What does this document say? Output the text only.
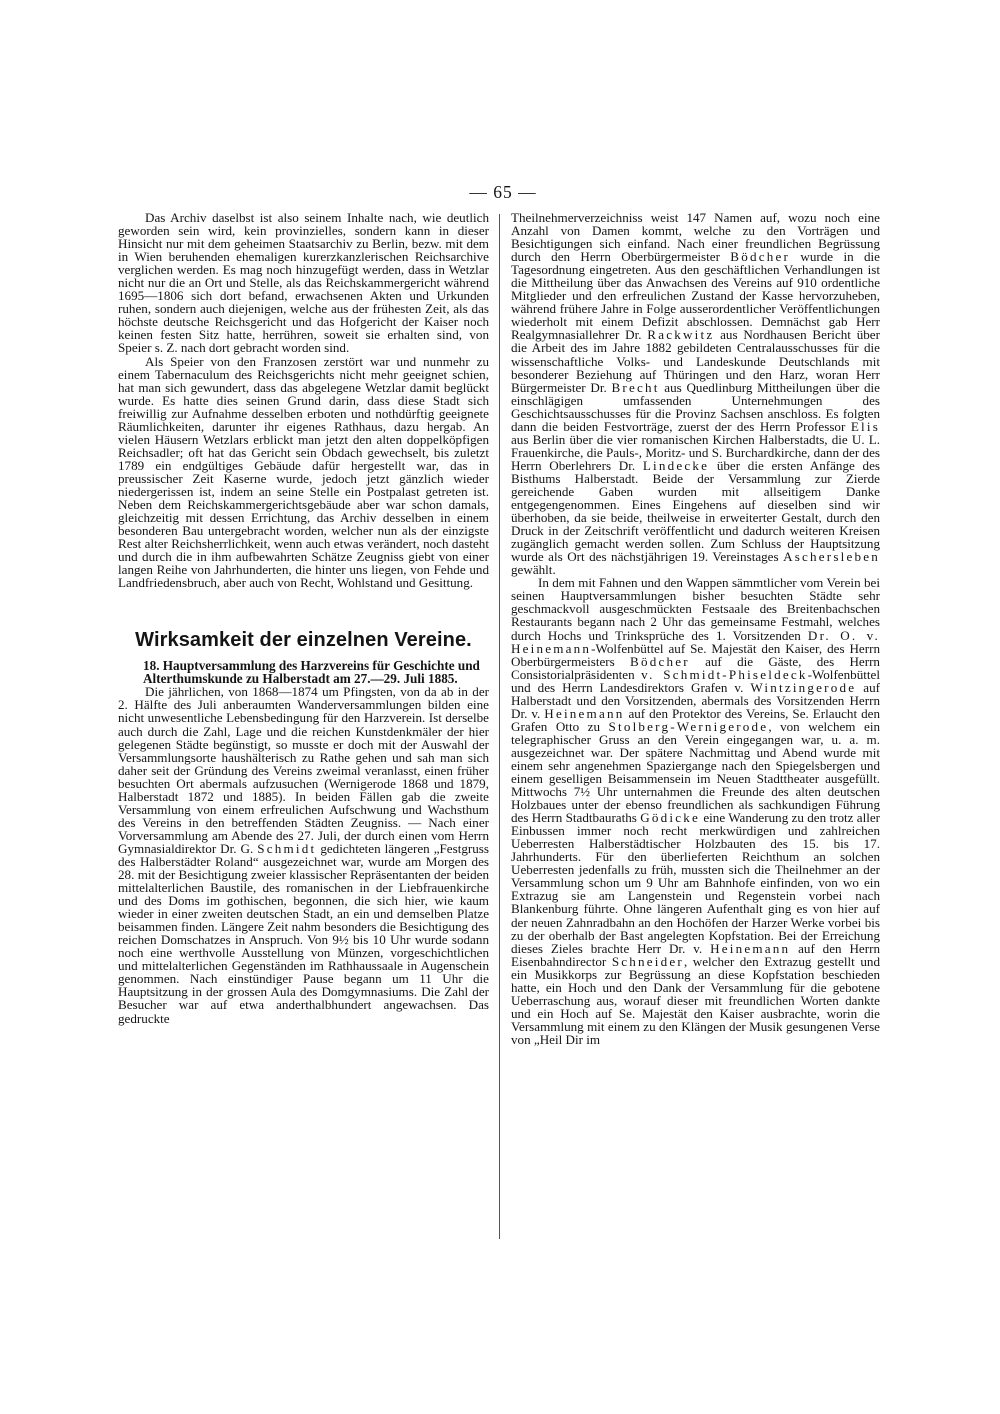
— 65 —

Das Archiv daselbst ist also seinem Inhalte nach, wie deutlich geworden sein wird, kein provinzielles, sondern kann in dieser Hinsicht nur mit dem geheimen Staatsarchiv zu Berlin, bezw. mit dem in Wien beruhenden ehemaligen kurerzkanzlerischen Reichsarchive verglichen werden. Es mag noch hinzugefügt werden, dass in Wetzlar nicht nur die an Ort und Stelle, als das Reichskammergericht während 1695—1806 sich dort befand, erwachsenen Akten und Urkunden ruhen, sondern auch diejenigen, welche aus der frühesten Zeit, als das höchste deutsche Reichsgericht und das Hofgericht der Kaiser noch keinen festen Sitz hatte, herrühren, soweit sie erhalten sind, von Speier s. Z. nach dort gebracht worden sind.

Als Speier von den Franzosen zerstört war und nunmehr zu einem Tabernaculum des Reichsgerichts nicht mehr geeignet schien, hat man sich gewundert, dass das abgelegene Wetzlar damit beglückt wurde. Es hatte dies seinen Grund darin, dass diese Stadt sich freiwillig zur Aufnahme desselben erboten und nothdürftig geeignete Räumlichkeiten, darunter ihr eigenes Rathhaus, dazu hergab. An vielen Häusern Wetzlars erblickt man jetzt den alten doppelköpfigen Reichsadler; oft hat das Gericht sein Obdach gewechselt, bis zuletzt 1789 ein endgültiges Gebäude dafür hergestellt war, das in preussischer Zeit Kaserne wurde, jedoch jetzt gänzlich wieder niedergerissen ist, indem an seine Stelle ein Postpalast getreten ist. Neben dem Reichskammergerichtsgebäude aber war schon damals, gleichzeitig mit dessen Errichtung, das Archiv desselben in einem besonderen Bau untergebracht worden, welcher nun als der einzigste Rest alter Reichsherrlichkeit, wenn auch etwas verändert, noch dasteht und durch die in ihm aufbewahrten Schätze Zeugniss giebt von einer langen Reihe von Jahrhunderten, die hinter uns liegen, von Fehde und Landfriedensbruch, aber auch von Recht, Wohlstand und Gesittung.

Wirksamkeit der einzelnen Vereine.

18. Hauptversammlung des Harzvereins für Geschichte und Alterthumskunde zu Halberstadt am 27.—29. Juli 1885.

Die jährlichen, von 1868—1874 um Pfingsten, von da ab in der 2. Hälfte des Juli anberaumten Wanderversammlungen bilden eine nicht unwesentliche Lebensbedingung für den Harzverein. Ist derselbe auch durch die Zahl, Lage und die reichen Kunstdenkmäler der hier gelegenen Städte begünstigt, so musste er doch mit der Auswahl der Versammlungsorte haushälterisch zu Rathe gehen und sah man sich daher seit der Gründung des Vereins zweimal veranlasst, einen früher besuchten Ort abermals aufzusuchen (Wernigerode 1868 und 1879, Halberstadt 1872 und 1885). In beiden Fällen gab die zweite Versammlung von einem erfreulichen Aufschwung und Wachsthum des Vereins in den betreffenden Städten Zeugniss. — Nach einer Vorversammlung am Abende des 27. Juli, der durch einen vom Herrn Gymnasialdirektor Dr. G. Schmidt gedichteten längeren „Festgruss des Halberstädter Roland“ ausgezeichnet war, wurde am Morgen des 28. mit der Besichtigung zweier klassischer Repräsentanten der beiden mittelalterlichen Baustile, des romanischen in der Liebfrauenkirche und des Doms im gothischen, begonnen, die sich hier, wie kaum wieder in einer zweiten deutschen Stadt, an ein und demselben Platze beisammen finden. Längere Zeit nahm besonders die Besichtigung des reichen Domschatzes in Anspruch. Von 9½ bis 10 Uhr wurde sodann noch eine werthvolle Ausstellung von Münzen, vorgeschichtlichen und mittelalterlichen Gegenständen im Rathhaussaale in Augenschein genommen. Nach einstündiger Pause begann um 11 Uhr die Hauptsitzung in der grossen Aula des Domgymnasiums. Die Zahl der Besucher war auf etwa anderthalbhundert angewachsen. Das gedruckte

Theilnehmerverzeichniss weist 147 Namen auf, wozu noch eine Anzahl von Damen kommt, welche zu den Vorträgen und Besichtigungen sich einfand. Nach einer freundlichen Begrüssung durch den Herrn Oberbürgermeister Bödcher wurde in die Tagesordnung eingetreten. Aus den geschäftlichen Verhandlungen ist die Mittheilung über das Anwachsen des Vereins auf 910 ordentliche Mitglieder und den erfreulichen Zustand der Kasse hervorzuheben, während frühere Jahre in Folge ausserordentlicher Veröffentlichungen wiederholt mit einem Defizit abschlossen. Demnächst gab Herr Realgymnasiallehrer Dr. Rackwitz aus Nordhausen Bericht über die Arbeit des im Jahre 1882 gebildeten Centralausschusses für die wissenschaftliche Volks- und Landeskunde Deutschlands mit besonderer Beziehung auf Thüringen und den Harz, woran Herr Bürgermeister Dr. Brecht aus Quedlinburg Mittheilungen über die einschlägigen umfassenden Unternehmungen des Geschichtsausschusses für die Provinz Sachsen anschloss. Es folgten dann die beiden Festvorträge, zuerst der des Herrn Professor Elis aus Berlin über die vier romanischen Kirchen Halberstadts, die U. L. Frauenkirche, die Pauls-, Moritz- und S. Burchardkirche, dann der des Herrn Oberlehrers Dr. Lindecke über die ersten Anfänge des Bisthums Halberstadt. Beide der Versammlung zur Zierde gereichende Gaben wurden mit allseitigem Danke entgegengenommen. Eines Eingehens auf dieselben sind wir überhoben, da sie beide, theilweise in erweiterter Gestalt, durch den Druck in der Zeitschrift veröffentlicht und dadurch weiteren Kreisen zugänglich gemacht werden sollen. Zum Schluss der Hauptsitzung wurde als Ort des nächstjährigen 19. Vereinstages Aschersleben gewählt.

In dem mit Fahnen und den Wappen sämmtlicher vom Verein bei seinen Hauptversammlungen bisher besuchten Städte sehr geschmackvoll ausgeschmückten Festsaale des Breitenbachschen Restaurants begann nach 2 Uhr das gemeinsame Festmahl, welches durch Hochs und Trinksprüche des 1. Vorsitzenden Dr. O. v. Heinemann-Wolfenbüttel auf Se. Majestät den Kaiser, des Herrn Oberbürgermeisters Bödcher auf die Gäste, des Herrn Consistorialpräsidenten v. Schmidt-Phiseldeck-Wolfenbüttel und des Herrn Landesdirektors Grafen v. Wintzingerode auf Halberstadt und den Vorsitzenden, abermals des Vorsitzenden Herrn Dr. v. Heinemann auf den Protektor des Vereins, Se. Erlaucht den Grafen Otto zu Stolberg-Wernigerode, von welchem ein telegraphischer Gruss an den Verein eingegangen war, u. a. m. ausgezeichnet war. Der spätere Nachmittag und Abend wurde mit einem sehr angenehmen Spaziergange nach den Spiegelsbergen und einem geselligen Beisammensein im Neuen Stadttheater ausgefüllt. Mittwochs 7½ Uhr unternahmen die Freunde des alten deutschen Holzbaues unter der ebenso freundlichen als sachkundigen Führung des Herrn Stadtbauraths Gödicke eine Wanderung zu den trotz aller Einbussen immer noch recht merkwürdigen und zahlreichen Ueberresten Halberstädtischer Holzbauten des 15. bis 17. Jahrhunderts. Für den überlieferten Reichthum an solchen Ueberresten jedenfalls zu früh, mussten sich die Theilnehmer an der Versammlung schon um 9 Uhr am Bahnhofe einfinden, von wo ein Extrazug sie am Langenstein und Regenstein vorbei nach Blankenburg führte. Ohne längeren Aufenthalt ging es von hier auf der neuen Zahnradbahn an den Hochöfen der Harzer Werke vorbei bis zu der oberhalb der Bast angelegten Kopfstation. Bei der Erreichung dieses Zieles brachte Herr Dr. v. Heinemann auf den Herrn Eisenbahndirector Schneider, welcher den Extrazug gestellt und ein Musikkorps zur Begrüssung an diese Kopfstation beschieden hatte, ein Hoch und den Dank der Versammlung für die gebotene Ueberraschung aus, worauf dieser mit freundlichen Worten dankte und ein Hoch auf Se. Majestät den Kaiser ausbrachte, worin die Versammlung mit einem zu den Klängen der Musik gesungenen Verse von „Heil Dir im
